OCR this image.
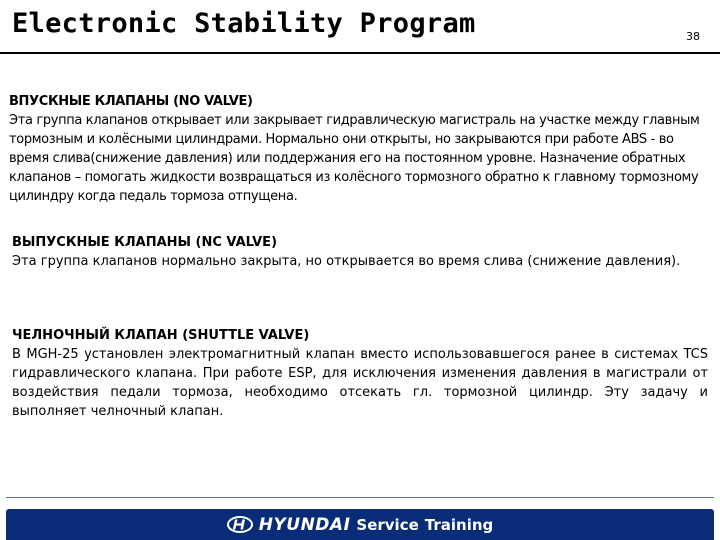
Electronic Stability Program	38
ВПУСКНЫЕ КЛАПАНЫ (NO VALVE)

Эта группа клапанов открывает или закрывает гидравлическую магистраль на участке между главным тормозным и колёсными цилиндрами. Нормально они открыты, но закрываются при работе ABS - во время слива(снижение давления) или поддержания его на постоянном уровне. Назначение обратных клапанов – помогать жидкости возвращаться из колёсного тормозного обратно к главному тормозному цилиндру когда педаль тормоза отпущена.

ВЫПУСКНЫЕ КЛАПАНЫ (NC VALVE)

Эта группа клапанов нормально закрыта, но открывается во время слива (снижение давления).

ЧЕЛНОЧНЫЙ КЛАПАН (SHUTTLE VALVE)

В MGH-25 установлен электромагнитный клапан вместо использовавшегося ранее в системах TCS гидравлического клапана. При работе ESP, для исключения изменения давления в магистрали от воздействия педали тормоза, необходимо отсекать гл. тормозной цилиндр. Эту задачу и выполняет челночный клапан.

HYUNDAI Service Training
